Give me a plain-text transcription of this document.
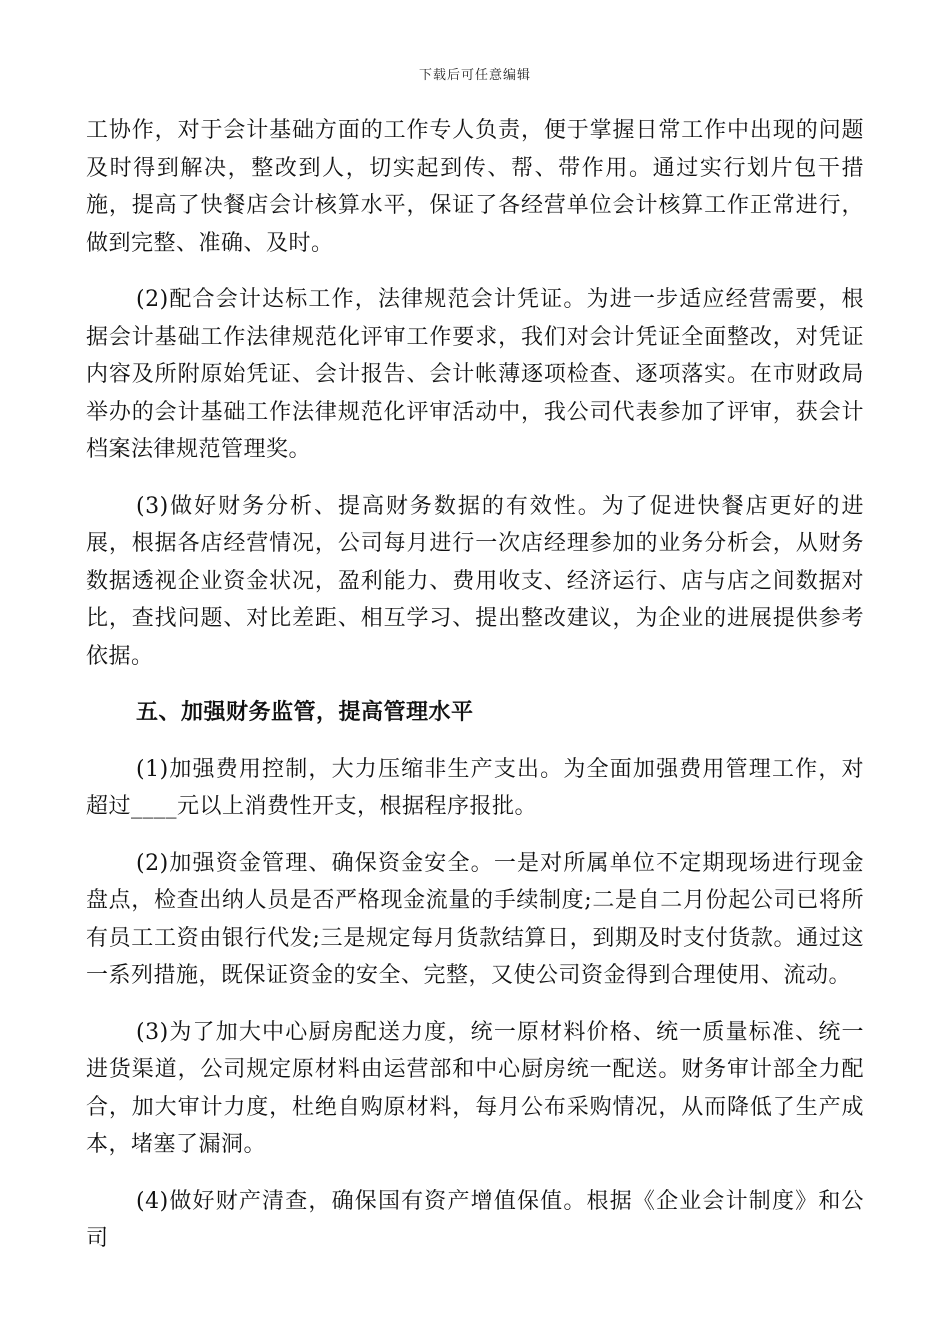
下载后可任意编辑

工协作，对于会计基础方面的工作专人负责，便于掌握日常工作中出现的问题及时得到解决，整改到人，切实起到传、帮、带作用。通过实行划片包干措施，提高了快餐店会计核算水平，保证了各经营单位会计核算工作正常进行，做到完整、准确、及时。

(2)配合会计达标工作，法律规范会计凭证。为进一步适应经营需要，根据会计基础工作法律规范化评审工作要求，我们对会计凭证全面整改，对凭证内容及所附原始凭证、会计报告、会计帐薄逐项检查、逐项落实。在市财政局举办的会计基础工作法律规范化评审活动中，我公司代表参加了评审，获会计档案法律规范管理奖。

(3)做好财务分析、提高财务数据的有效性。为了促进快餐店更好的进展，根据各店经营情况，公司每月进行一次店经理参加的业务分析会，从财务数据透视企业资金状况，盈利能力、费用收支、经济运行、店与店之间数据对比，查找问题、对比差距、相互学习、提出整改建议，为企业的进展提供参考依据。

五、加强财务监管，提高管理水平

(1)加强费用控制，大力压缩非生产支出。为全面加强费用管理工作，对超过____元以上消费性开支，根据程序报批。

(2)加强资金管理、确保资金安全。一是对所属单位不定期现场进行现金盘点，检查出纳人员是否严格现金流量的手续制度;二是自二月份起公司已将所有员工工资由银行代发;三是规定每月货款结算日，到期及时支付货款。通过这一系列措施，既保证资金的安全、完整，又使公司资金得到合理使用、流动。

(3)为了加大中心厨房配送力度，统一原材料价格、统一质量标准、统一进货渠道，公司规定原材料由运营部和中心厨房统一配送。财务审计部全力配合，加大审计力度，杜绝自购原材料，每月公布采购情况，从而降低了生产成本，堵塞了漏洞。

(4)做好财产清查，确保国有资产增值保值。根据《企业会计制度》和公司
